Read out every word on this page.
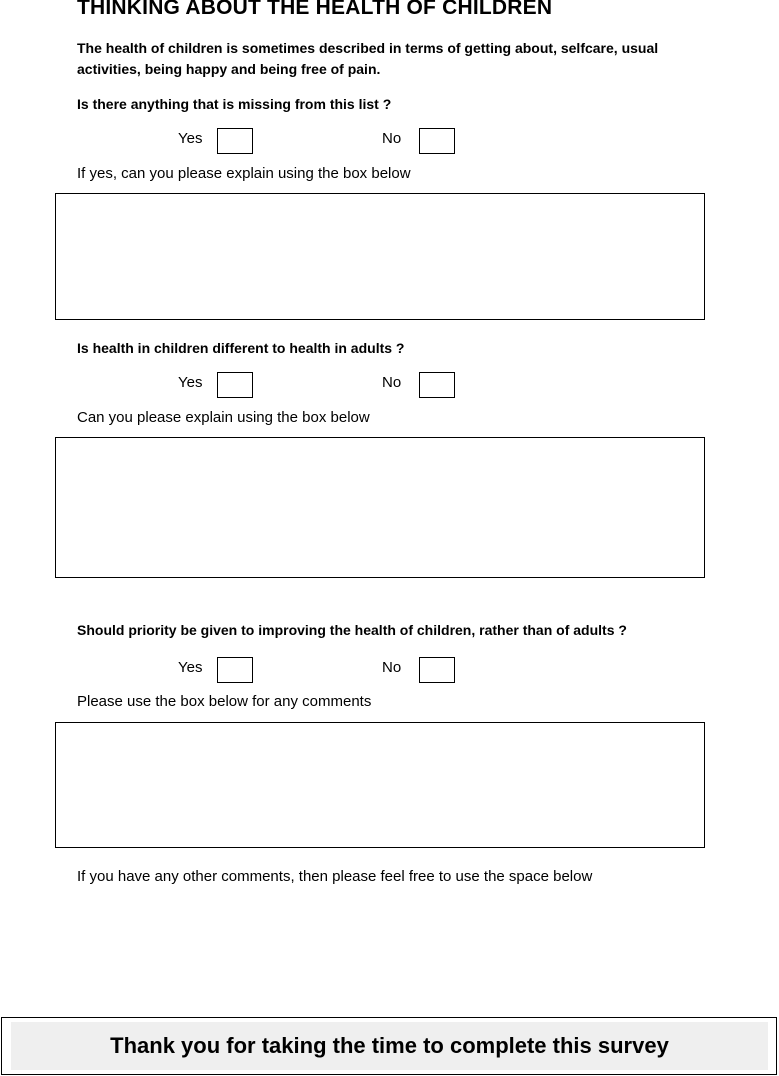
THINKING ABOUT THE HEALTH OF CHILDREN
The health of children is sometimes described in terms of getting about, selfcare, usual
activities, being happy and being free of pain.
Is there anything that is missing from this list ?
Yes	No
If yes, can you please explain using the box below
Is health in children different to health in adults ?
Yes	No
Can you please explain using the box below
Should priority be given to improving the health of children, rather than of adults ?
Yes	No
Please use the box below for any comments
If you have any other comments, then please feel free to use the space below
Thank you for taking the time to complete this survey
